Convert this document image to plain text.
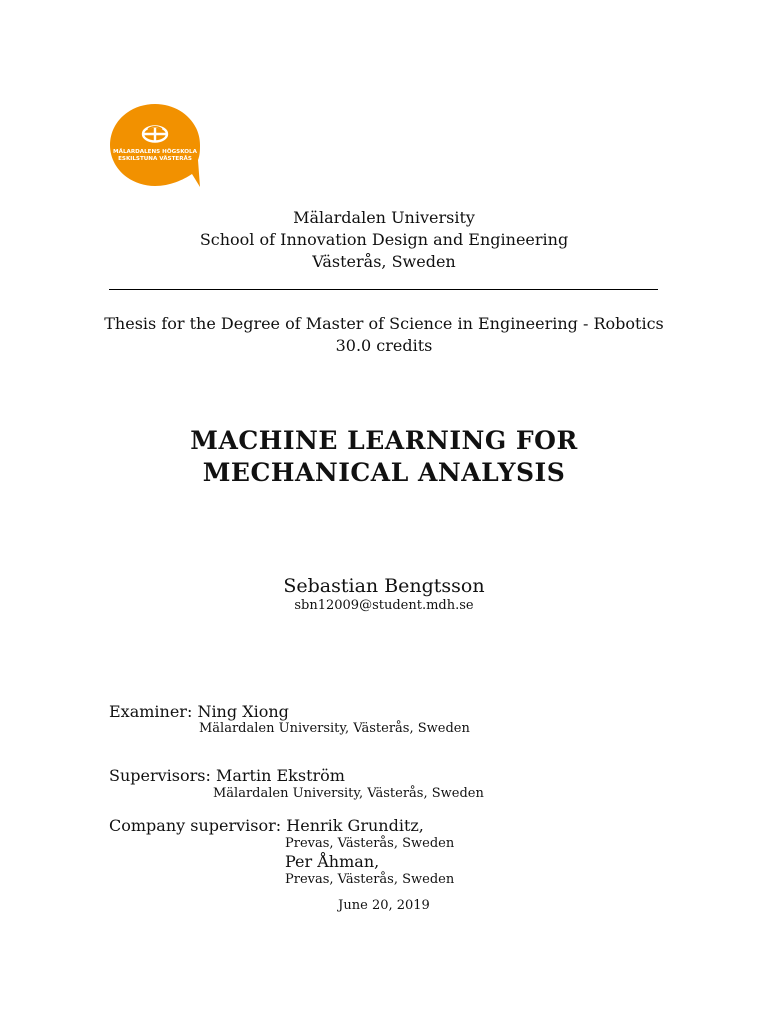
MÄLARDALENS HÖGSKOLA
ESKILSTUNA VÄSTERÅS
Mälardalen University
School of Innovation Design and Engineering
Västerås, Sweden
Thesis for the Degree of Master of Science in Engineering - Robotics
30.0 credits
MACHINE LEARNING FOR
MECHANICAL ANALYSIS
Sebastian Bengtsson
sbn12009@student.mdh.se
Examiner: Ning Xiong
Mälardalen University, Västerås, Sweden
Supervisors: Martin Ekström
Mälardalen University, Västerås, Sweden
Company supervisor: Henrik Grunditz,
Prevas, Västerås, Sweden
Per Åhman,
Prevas, Västerås, Sweden
June 20, 2019
